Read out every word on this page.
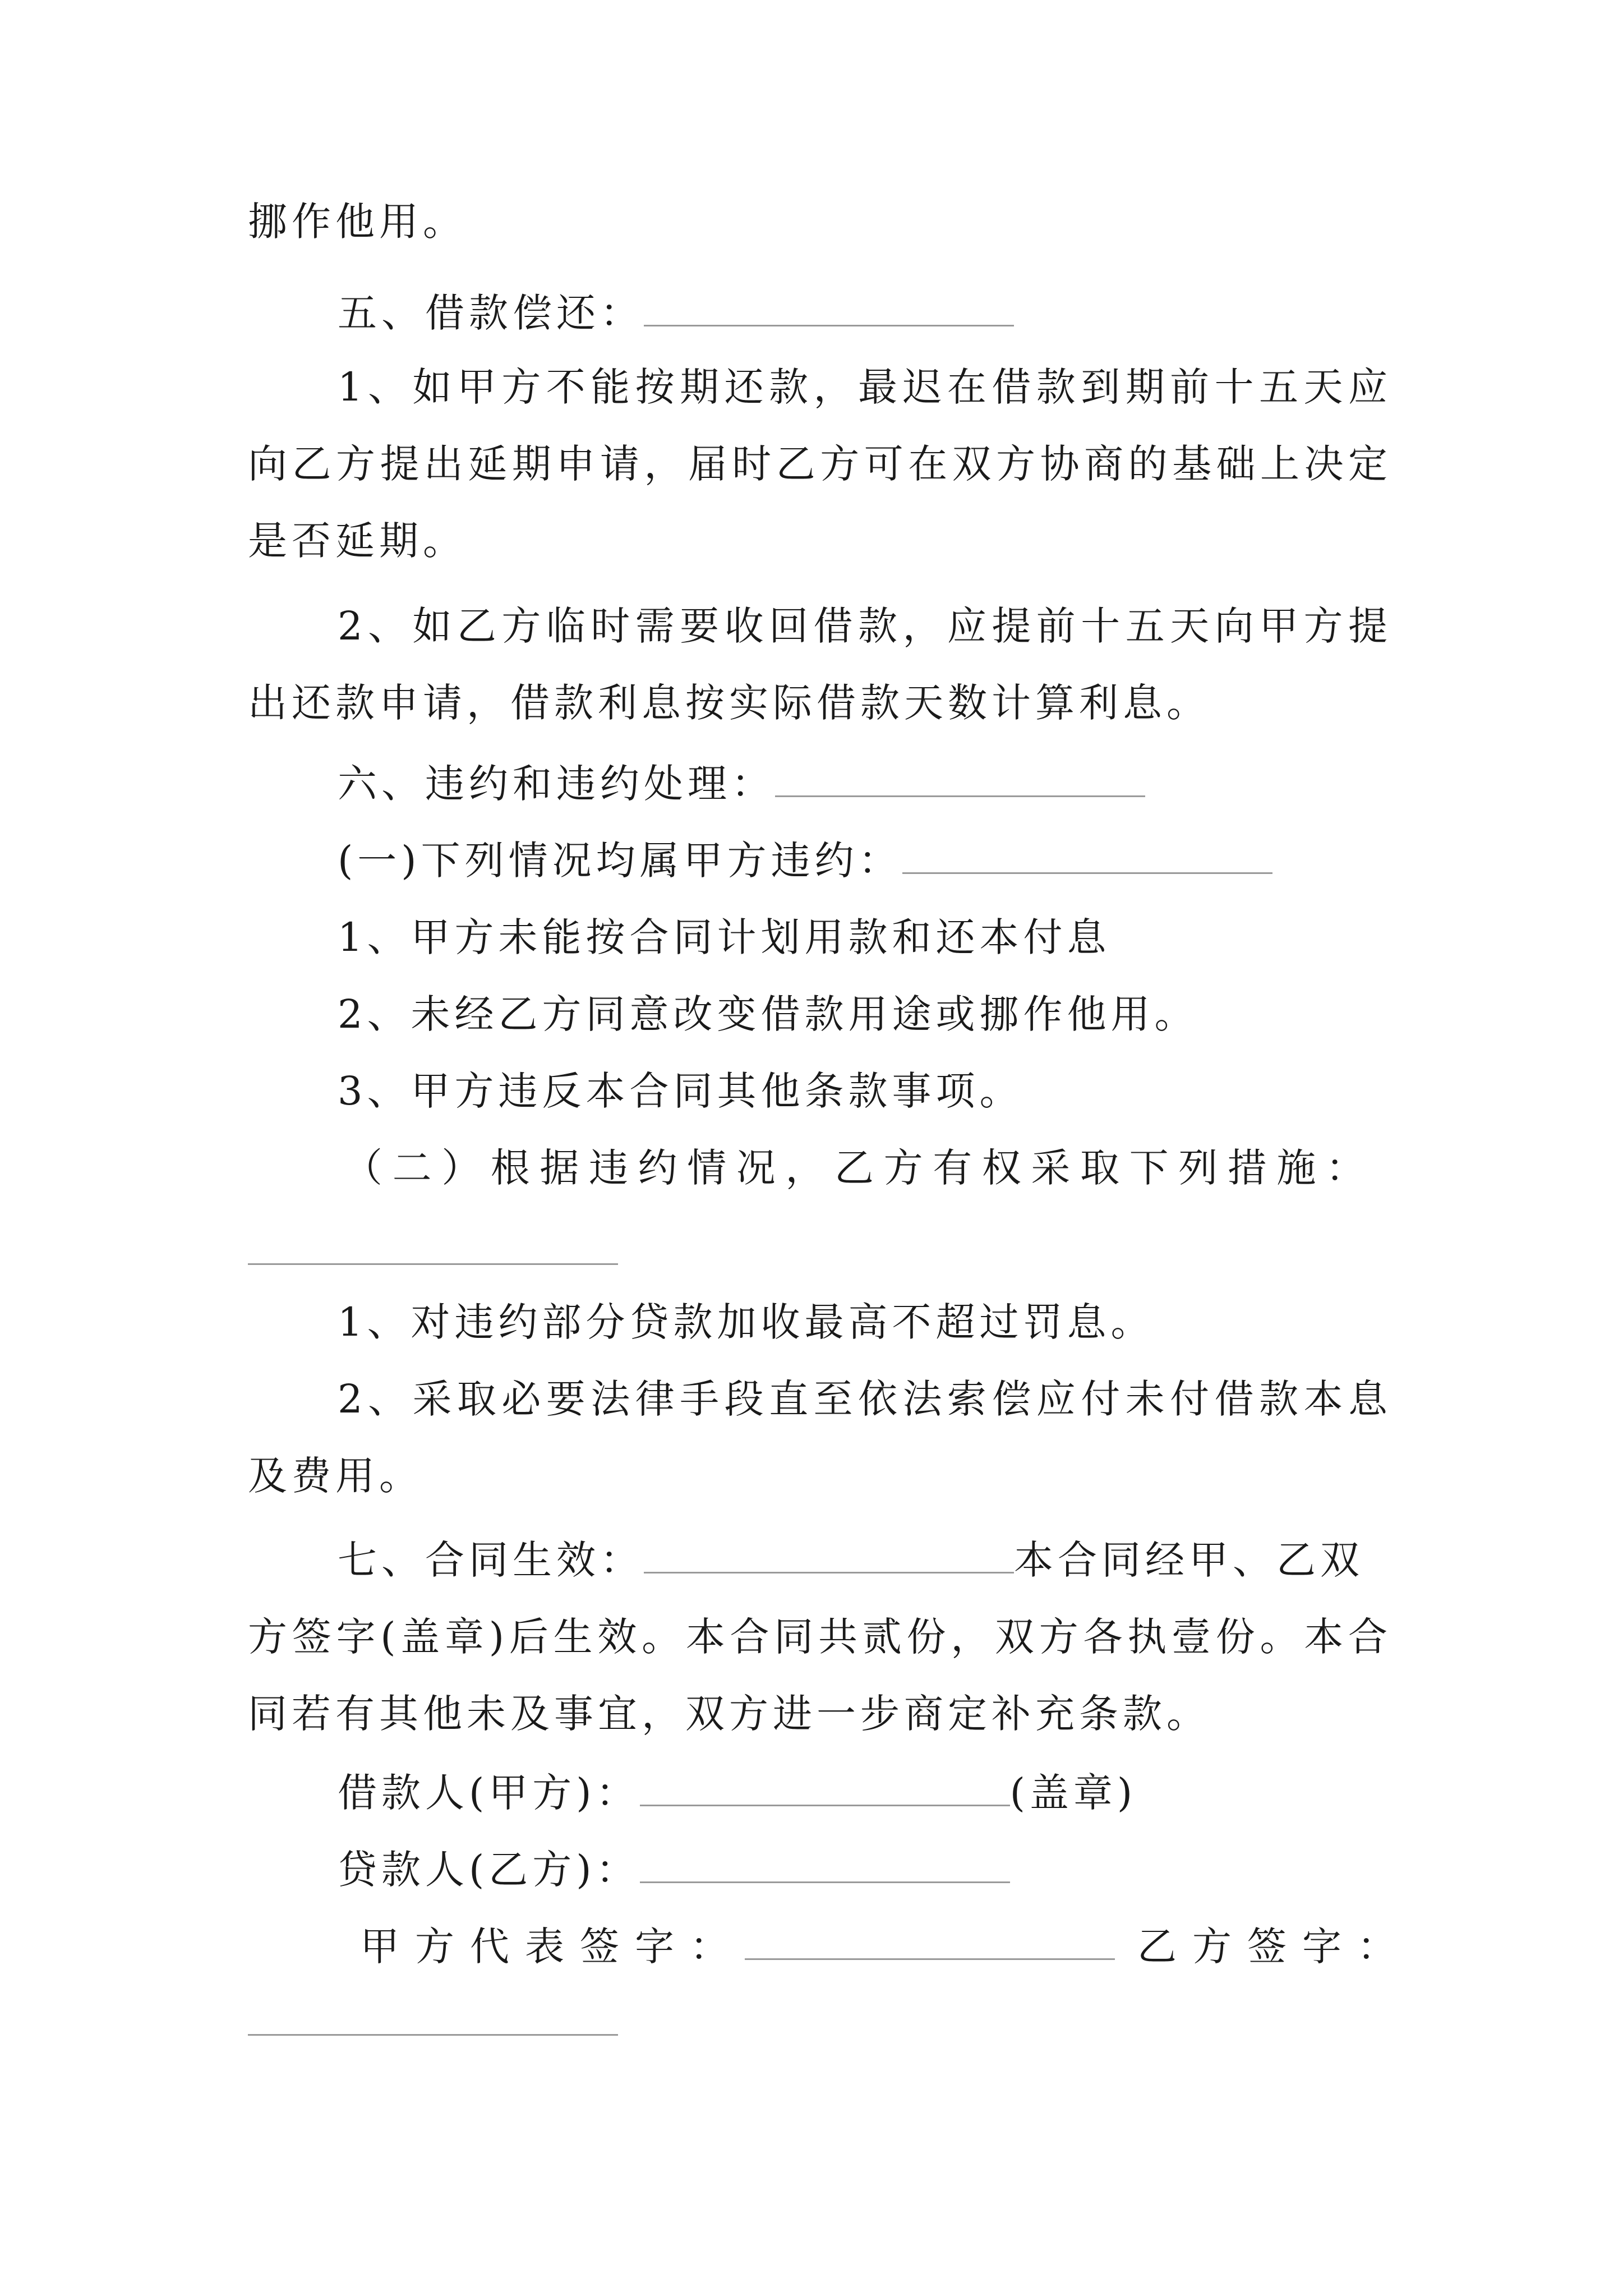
挪作他用。
五、借款偿还：
1、如甲方不能按期还款，最迟在借款到期前十五天应
向乙方提出延期申请，届时乙方可在双方协商的基础上决定
是否延期。
2、如乙方临时需要收回借款，应提前十五天向甲方提
出还款申请，借款利息按实际借款天数计算利息。
六、违约和违约处理：
(一)下列情况均属甲方违约：
1、甲方未能按合同计划用款和还本付息
2、未经乙方同意改变借款用途或挪作他用。
3、甲方违反本合同其他条款事项。
（二）根据违约情况，乙方有权采取下列措施：
1、对违约部分贷款加收最高不超过罚息。
2、采取必要法律手段直至依法索偿应付未付借款本息
及费用。
七、合同生效：	本合同经甲、乙双
方签字(盖章)后生效。本合同共贰份，双方各执壹份。本合
同若有其他未及事宜，双方进一步商定补充条款。
借款人(甲方)：	(盖章)
贷款人(乙方)：
甲方代表签字：	乙方签字：
